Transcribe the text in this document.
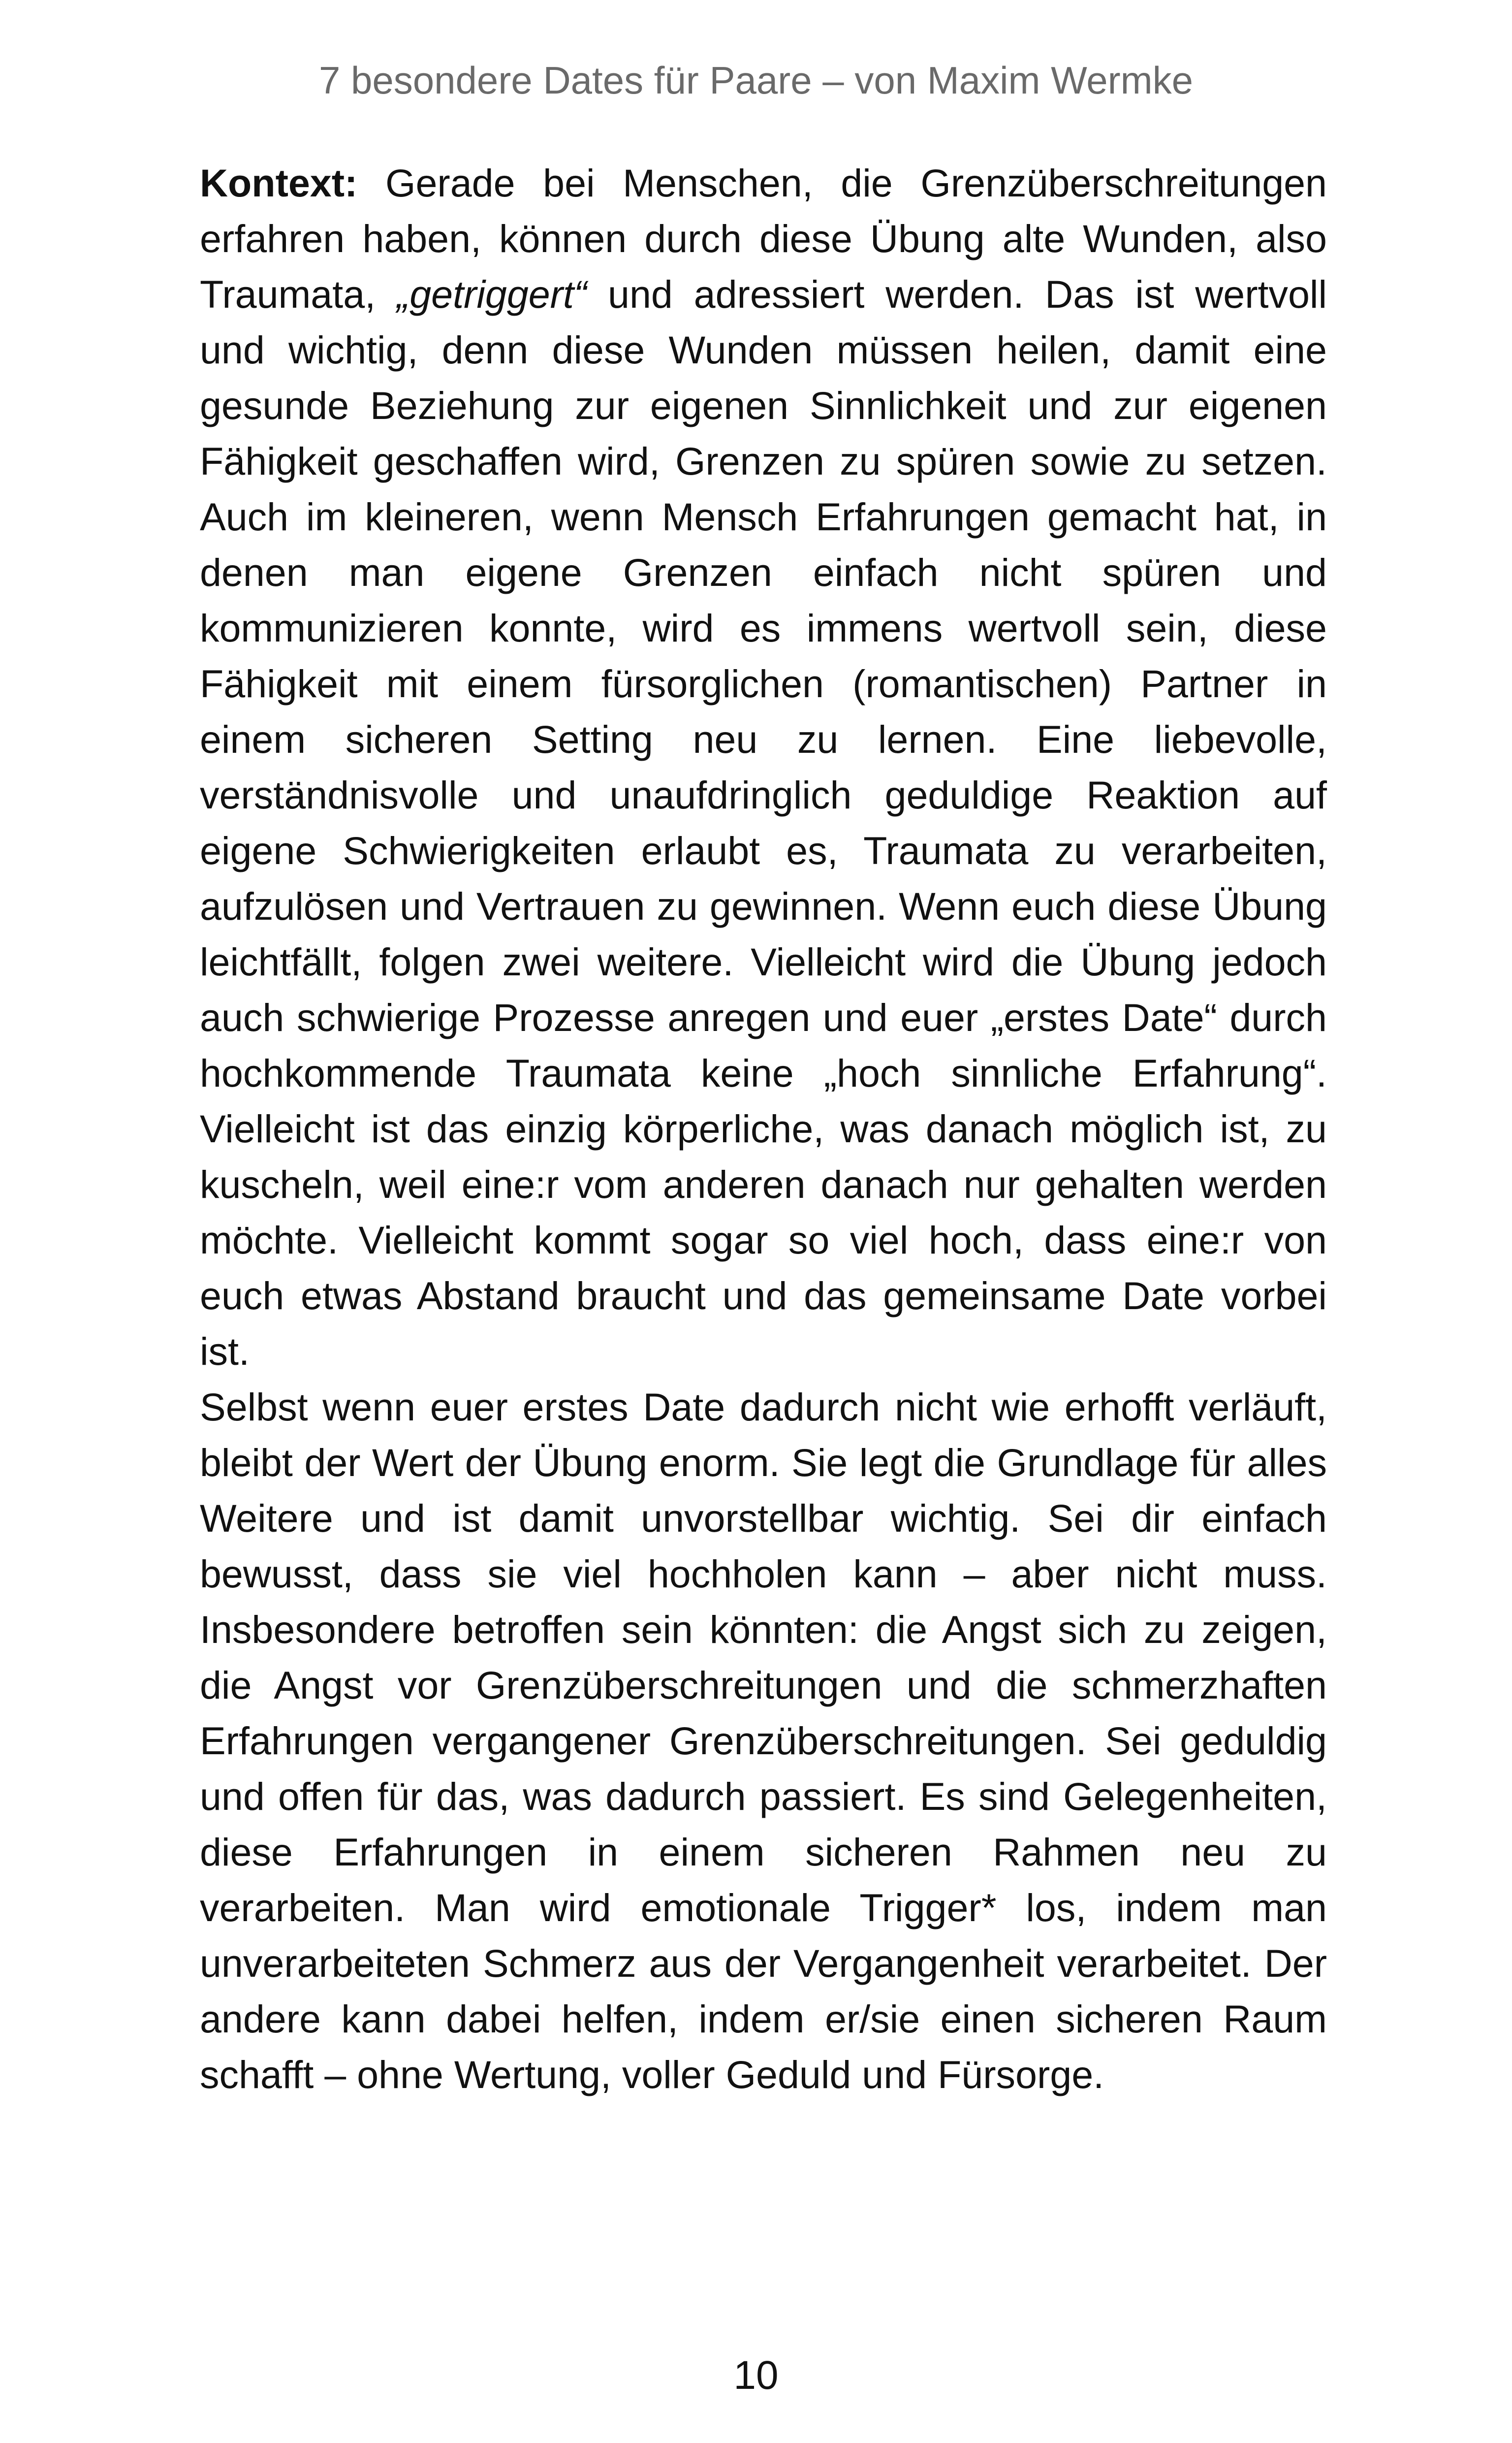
7 besondere Dates für Paare – von Maxim Wermke

Kontext: Gerade bei Menschen, die Grenzüberschreitungen erfahren haben, können durch diese Übung alte Wunden, also Traumata, „getriggert“ und adressiert werden. Das ist wertvoll und wichtig, denn diese Wunden müssen heilen, damit eine gesunde Beziehung zur eigenen Sinnlichkeit und zur eigenen Fähigkeit geschaffen wird, Grenzen zu spüren sowie zu setzen. Auch im kleineren, wenn Mensch Erfahrungen gemacht hat, in denen man eigene Grenzen einfach nicht spüren und kommunizieren konnte, wird es immens wertvoll sein, diese Fähigkeit mit einem fürsorglichen (romantischen) Partner in einem sicheren Setting neu zu lernen. Eine liebevolle, verständnisvolle und unaufdringlich geduldige Reaktion auf eigene Schwierigkeiten erlaubt es, Traumata zu verarbeiten, aufzulösen und Vertrauen zu gewinnen. Wenn euch diese Übung leichtfällt, folgen zwei weitere. Vielleicht wird die Übung jedoch auch schwierige Prozesse anregen und euer „erstes Date“ durch hochkommende Traumata keine „hoch sinnliche Erfahrung“. Vielleicht ist das einzig körperliche, was danach möglich ist, zu kuscheln, weil eine:r vom anderen danach nur gehalten werden möchte. Vielleicht kommt sogar so viel hoch, dass eine:r von euch etwas Abstand braucht und das gemeinsame Date vorbei ist.

Selbst wenn euer erstes Date dadurch nicht wie erhofft verläuft, bleibt der Wert der Übung enorm. Sie legt die Grundlage für alles Weitere und ist damit unvorstellbar wichtig. Sei dir einfach bewusst, dass sie viel hochholen kann – aber nicht muss. Insbesondere betroffen sein könnten: die Angst sich zu zeigen, die Angst vor Grenzüberschreitungen und die schmerzhaften Erfahrungen vergangener Grenzüberschreitungen. Sei geduldig und offen für das, was dadurch passiert. Es sind Gelegenheiten, diese Erfahrungen in einem sicheren Rahmen neu zu verarbeiten. Man wird emotionale Trigger* los, indem man unverarbeiteten Schmerz aus der Vergangenheit verarbeitet. Der andere kann dabei helfen, indem er/sie einen sicheren Raum schafft – ohne Wertung, voller Geduld und Fürsorge.

10
